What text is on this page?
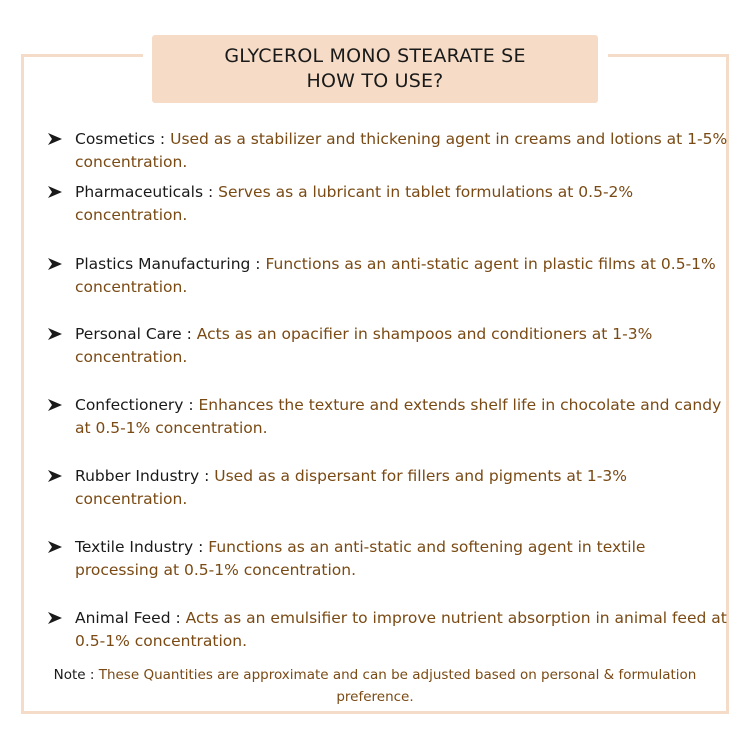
GLYCEROL MONO STEARATE SE
HOW TO USE?
Cosmetics : Used as a stabilizer and thickening agent in creams and lotions at 1-5% concentration.
Pharmaceuticals : Serves as a lubricant in tablet formulations at 0.5-2% concentration.
Plastics Manufacturing : Functions as an anti-static agent in plastic films at 0.5-1% concentration.
Personal Care : Acts as an opacifier in shampoos and conditioners at 1-3% concentration.
Confectionery : Enhances the texture and extends shelf life in chocolate and candy at 0.5-1% concentration.
Rubber Industry : Used as a dispersant for fillers and pigments at 1-3% concentration.
Textile Industry : Functions as an anti-static and softening agent in textile processing at 0.5-1% concentration.
Animal Feed : Acts as an emulsifier to improve nutrient absorption in animal feed at 0.5-1% concentration.
Note : These Quantities are approximate and can be adjusted based on personal & formulation preference.
